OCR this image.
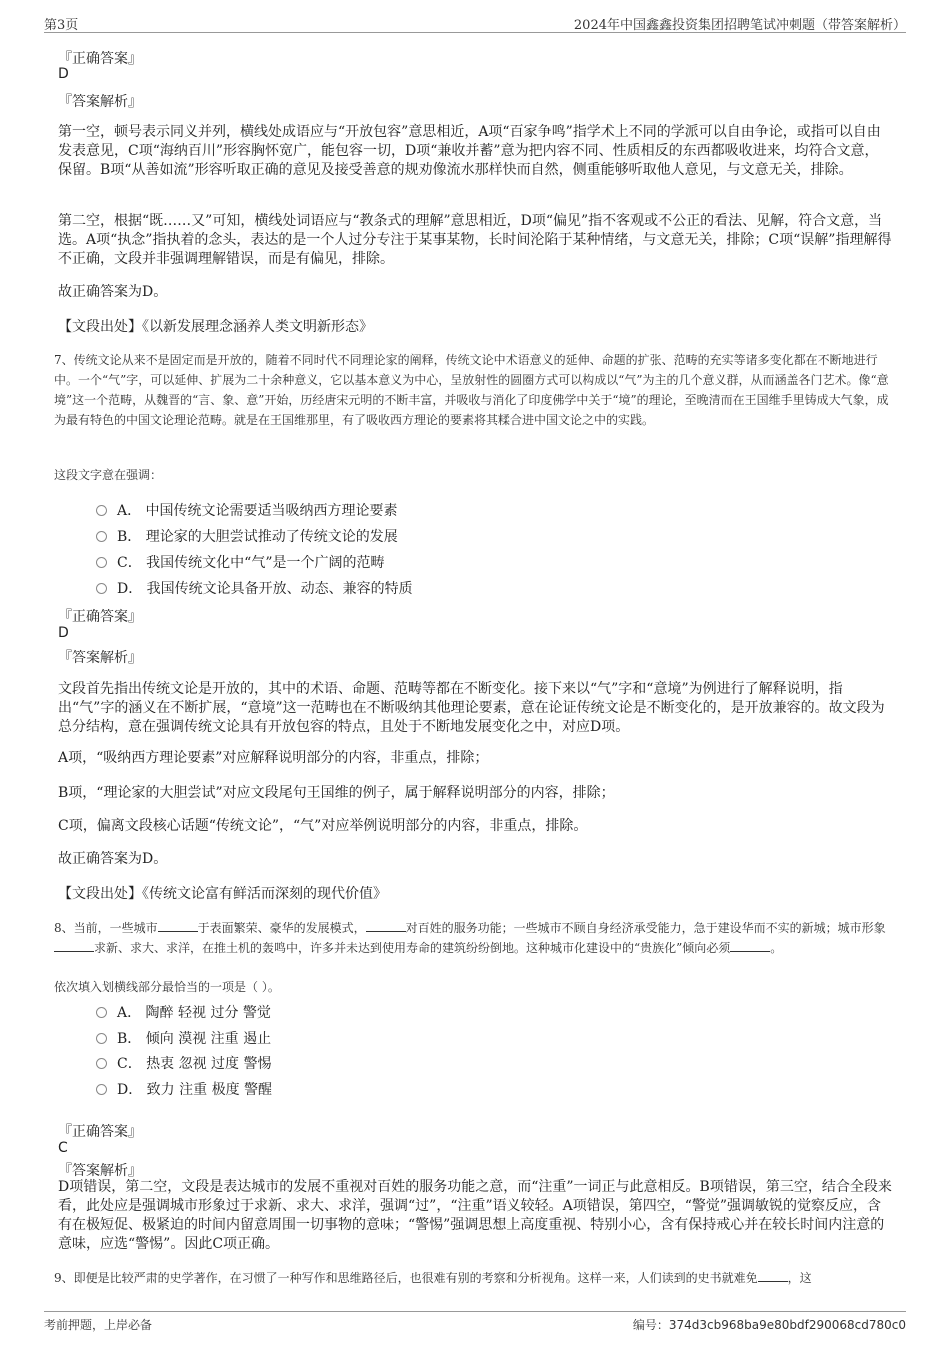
第3页	2024年中国鑫鑫投资集团招聘笔试冲刺题（带答案解析）
『正确答案』
D
『答案解析』
第一空，顿号表示同义并列，横线处成语应与“开放包容”意思相近，A项“百家争鸣”指学术上不同的学派可以自由争论，或指可以自由发表意见，C项“海纳百川”形容胸怀宽广，能包容一切，D项“兼收并蓄”意为把内容不同、性质相反的东西都吸收进来，均符合文意，保留。B项“从善如流”形容听取正确的意见及接受善意的规劝像流水那样快而自然，侧重能够听取他人意见，与文意无关，排除。
第二空，根据“既……又”可知，横线处词语应与“教条式的理解”意思相近，D项“偏见”指不客观或不公正的看法、见解，符合文意，当选。A项“执念”指执着的念头，表达的是一个人过分专注于某事某物，长时间沦陷于某种情绪，与文意无关，排除；C项“误解”指理解得不正确，文段并非强调理解错误，而是有偏见，排除。
故正确答案为D。
【文段出处】《以新发展理念涵养人类文明新形态》
7、传统文论从来不是固定而是开放的，随着不同时代不同理论家的阐释，传统文论中术语意义的延伸、命题的扩张、范畴的充实等诸多变化都在不断地进行中。一个“气”字，可以延伸、扩展为二十余种意义，它以基本意义为中心，呈放射性的圆圈方式可以构成以“气”为主的几个意义群，从而涵盖各门艺术。像“意境”这一个范畴，从魏晋的“言、象、意”开始，历经唐宋元明的不断丰富，并吸收与消化了印度佛学中关于“境”的理论，至晚清而在王国维手里铸成大气象，成为最有特色的中国文论理论范畴。就是在王国维那里，有了吸收西方理论的要素将其糅合进中国文论之中的实践。
这段文字意在强调：
A． 中国传统文论需要适当吸纳西方理论要素
B． 理论家的大胆尝试推动了传统文论的发展
C． 我国传统文化中“气”是一个广阔的范畴
D． 我国传统文论具备开放、动态、兼容的特质
『正确答案』
D
『答案解析』
文段首先指出传统文论是开放的，其中的术语、命题、范畴等都在不断变化。接下来以“气”字和“意境”为例进行了解释说明，指出“气”字的涵义在不断扩展，“意境”这一范畴也在不断吸纳其他理论要素，意在论证传统文论是不断变化的，是开放兼容的。故文段为总分结构，意在强调传统文论具有开放包容的特点，且处于不断地发展变化之中，对应D项。
A项，“吸纳西方理论要素”对应解释说明部分的内容，非重点，排除；
B项，“理论家的大胆尝试”对应文段尾句王国维的例子，属于解释说明部分的内容，排除；
C项，偏离文段核心话题“传统文论”，“气”对应举例说明部分的内容，非重点，排除。
故正确答案为D。
【文段出处】《传统文论富有鲜活而深刻的现代价值》
8、当前，一些城市	于表面繁荣、豪华的发展模式，	对百姓的服务功能；一些城市不顾自身经济承受能力，急于建设华而不实的新城；城市形象求新、求大、求洋，在推土机的轰鸣中，许多并未达到使用寿命的建筑纷纷倒地。这种城市化建设中的“贵族化”倾向必须	。
依次填入划横线部分最恰当的一项是（ ）。
A． 陶醉 轻视 过分 警觉
B． 倾向 漠视 注重 遏止
C． 热衷 忽视 过度 警惕
D． 致力 注重 极度 警醒
『正确答案』
C
『答案解析』
D项错误，第二空，文段是表达城市的发展不重视对百姓的服务功能之意，而“注重”一词正与此意相反。B项错误，第三空，结合全段来看，此处应是强调城市形象过于求新、求大、求洋，强调“过”，“注重”语义较轻。A项错误，第四空，“警觉”强调敏锐的觉察反应，含有在极短促、极紧迫的时间内留意周围一切事物的意味；“警惕”强调思想上高度重视、特别小心，含有保持戒心并在较长时间内注意的意味，应选“警惕”。因此C项正确。
9、即便是比较严肃的史学著作，在习惯了一种写作和思维路径后，也很难有别的考察和分析视角。这样一来，人们读到的史书就难免	，这
考前押题，上岸必备	编号：374d3cb968ba9e80bdf290068cd780c0
